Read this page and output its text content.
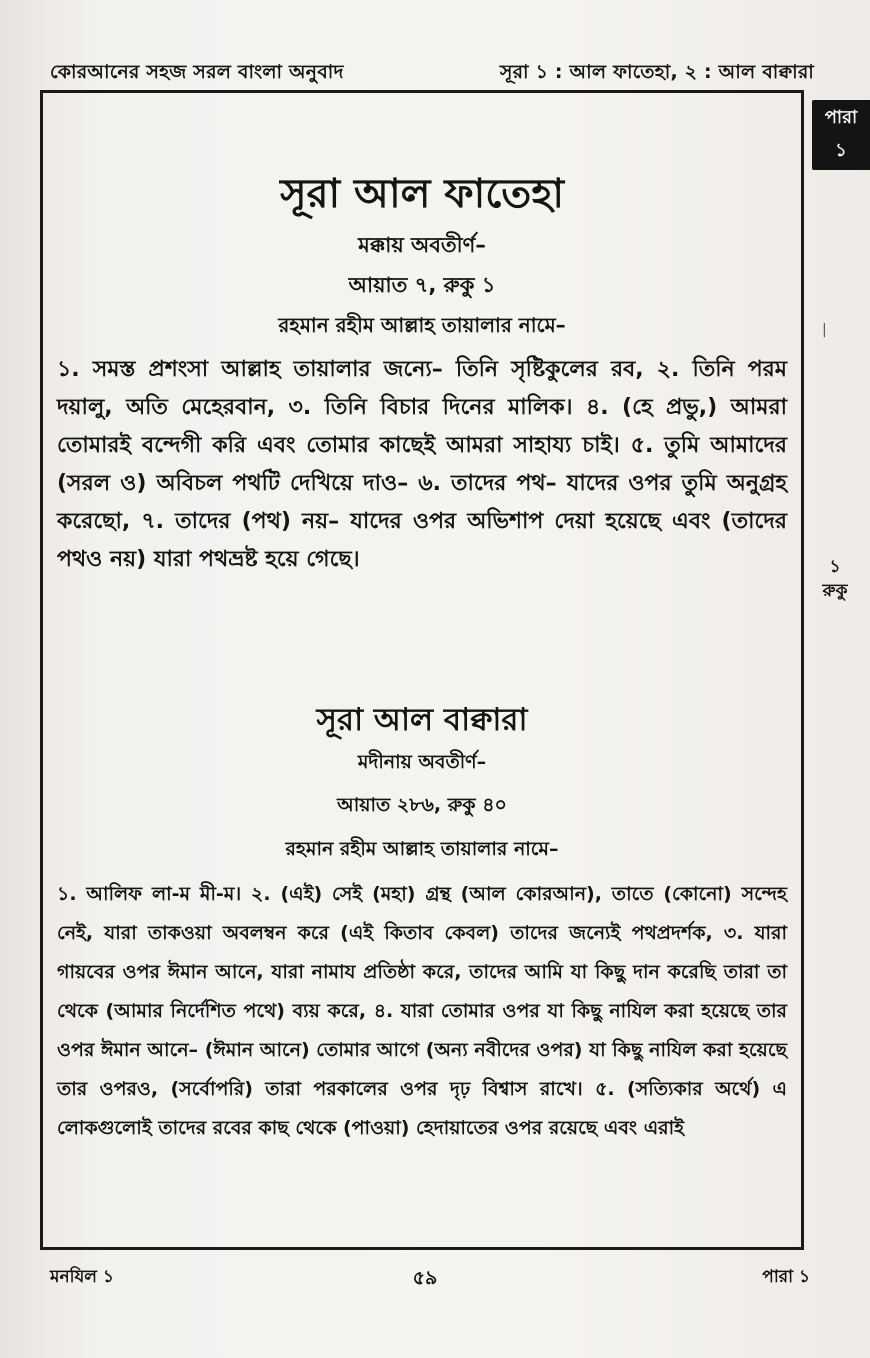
কোরআনের সহজ সরল বাংলা অনুবাদ	সূরা ১ : আল ফাতেহা, ২ : আল বাক্বারা
পারা
১
|
সূরা আল ফাতেহা
মক্কায় অবতীর্ণ–
আয়াত ৭, রুকু ১
রহমান রহীম আল্লাহ তায়ালার নামে–

১. সমস্ত প্রশংসা আল্লাহ তায়ালার জন্যে– তিনি সৃষ্টিকুলের রব, ২. তিনি পরম দয়ালু, অতি মেহেরবান, ৩. তিনি বিচার দিনের মালিক। ৪. (হে প্রভু,) আমরা তোমারই বন্দেগী করি এবং তোমার কাছেই আমরা সাহায্য চাই। ৫. তুমি আমাদের (সরল ও) অবিচল পথটি দেখিয়ে দাও– ৬. তাদের পথ– যাদের ওপর তুমি অনুগ্রহ করেছো, ৭. তাদের (পথ) নয়– যাদের ওপর অভিশাপ দেয়া হয়েছে এবং (তাদের পথও নয়) যারা পথভ্রষ্ট হয়ে গেছে।

সূরা আল বাক্বারা
মদীনায় অবতীর্ণ–
আয়াত ২৮৬, রুকু ৪০
রহমান রহীম আল্লাহ তায়ালার নামে–

১. আলিফ লা-ম মী-ম। ২. (এই) সেই (মহা) গ্রন্থ (আল কোরআন), তাতে (কোনো) সন্দেহ নেই, যারা তাকওয়া অবলম্বন করে (এই কিতাব কেবল) তাদের জন্যেই পথপ্রদর্শক, ৩. যারা গায়বের ওপর ঈমান আনে, যারা নামায প্রতিষ্ঠা করে, তাদের আমি যা কিছু দান করেছি তারা তা থেকে (আমার নির্দেশিত পথে) ব্যয় করে, ৪. যারা তোমার ওপর যা কিছু নাযিল করা হয়েছে তার ওপর ঈমান আনে– (ঈমান আনে) তোমার আগে (অন্য নবীদের ওপর) যা কিছু নাযিল করা হয়েছে তার ওপরও, (সর্বোপরি) তারা পরকালের ওপর দৃঢ় বিশ্বাস রাখে। ৫. (সত্যিকার অর্থে) এ লোকগুলোই তাদের রবের কাছ থেকে (পাওয়া) হেদায়াতের ওপর রয়েছে এবং এরাই

১
রুকু
মনযিল ১	৫৯	পারা ১
